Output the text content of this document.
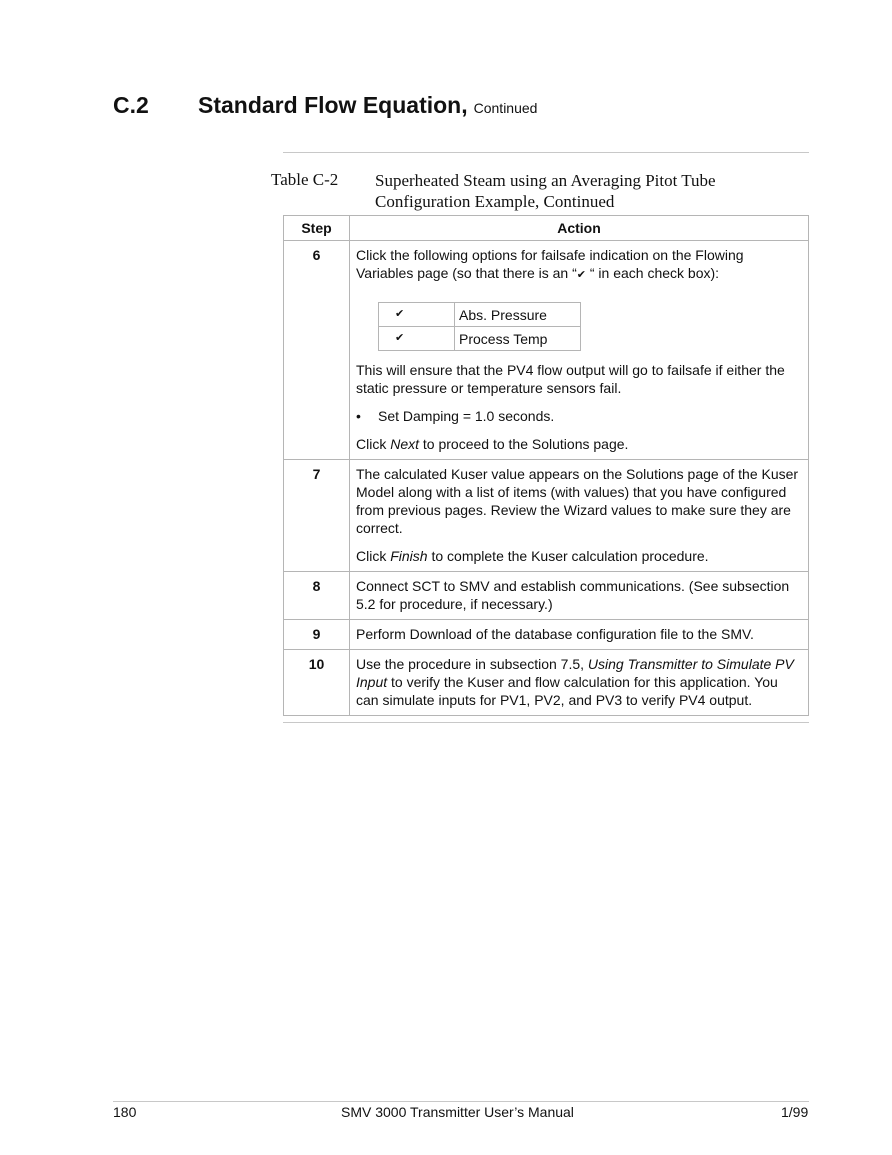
C.2 Standard Flow Equation, Continued
Table C-2 Superheated Steam using an Averaging Pitot Tube Configuration Example, Continued
Step	Action
6	Click the following options for failsafe indication on the Flowing Variables page (so that there is an “✔ “ in each check box):
✔	Abs. Pressure
✔	Process Temp

This will ensure that the PV4 flow output will go to failsafe if either the static pressure or temperature sensors fail.

• Set Damping = 1.0 seconds.

Click Next to proceed to the Solutions page.

7	The calculated Kuser value appears on the Solutions page of the Kuser Model along with a list of items (with values) that you have configured from previous pages. Review the Wizard values to make sure they are correct.

Click Finish to complete the Kuser calculation procedure.

8	Connect SCT to SMV and establish communications. (See subsection 5.2 for procedure, if necessary.)
9	Perform Download of the database configuration file to the SMV.
10	Use the procedure in subsection 7.5, Using Transmitter to Simulate PV Input to verify the Kuser and flow calculation for this application. You can simulate inputs for PV1, PV2, and PV3 to verify PV4 output.
180	SMV 3000 Transmitter User’s Manual	1/99
